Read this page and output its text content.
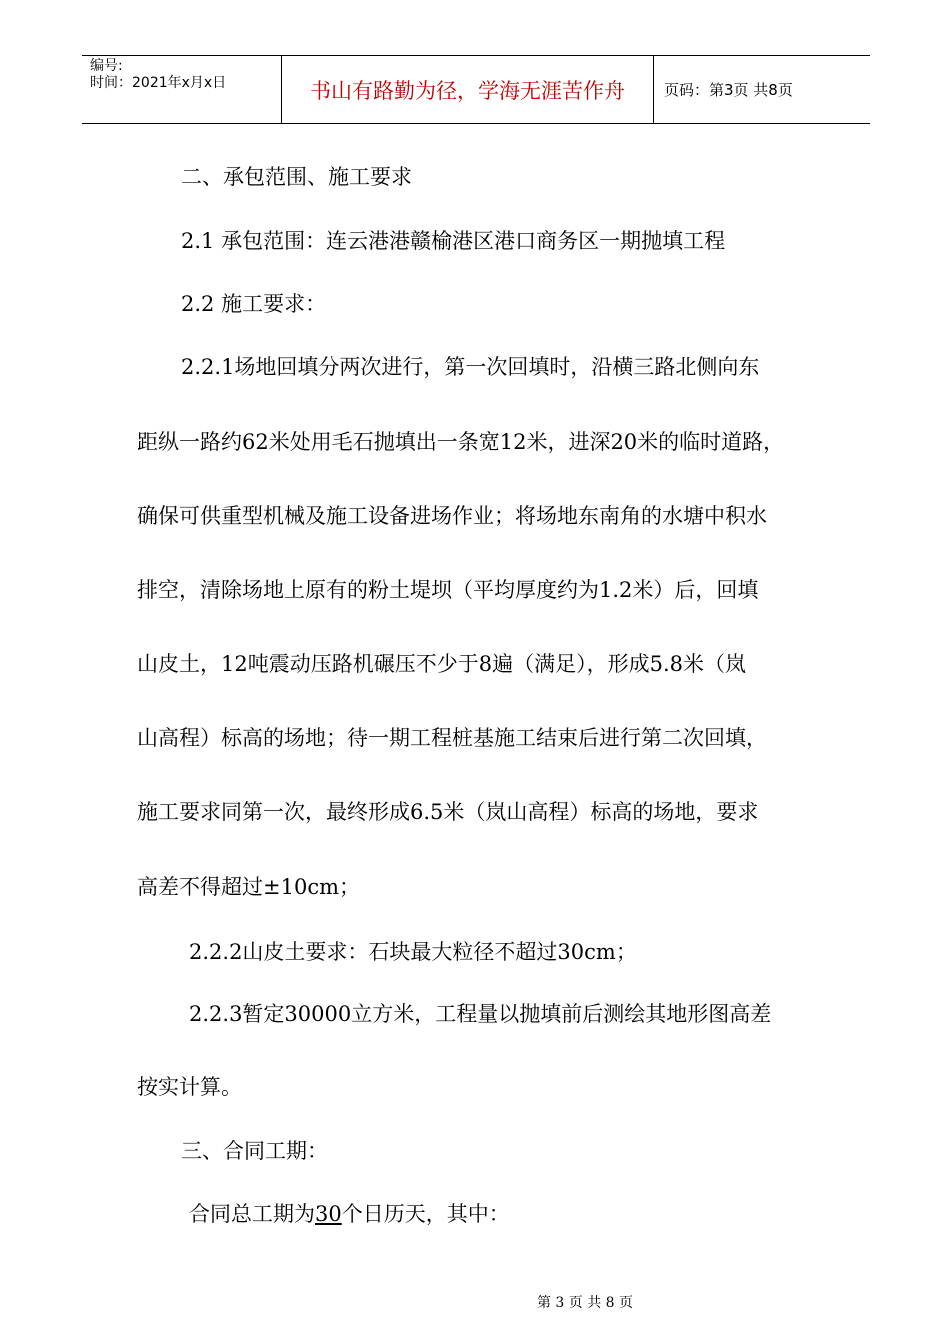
编号:
时间：2021年x月x日	书山有路勤为径，学海无涯苦作舟	页码：第3页 共8页
二、承包范围、施工要求
2.1 承包范围：连云港港赣榆港区港口商务区一期抛填工程
2.2 施工要求：
2.2.1场地回填分两次进行，第一次回填时，沿横三路北侧向东
距纵一路约62米处用毛石抛填出一条宽12米，进深20米的临时道路，
确保可供重型机械及施工设备进场作业；将场地东南角的水塘中积水
排空，清除场地上原有的粉土堤坝（平均厚度约为1.2米）后，回填
山皮土，12吨震动压路机碾压不少于8遍（满足），形成5.8米（岚
山高程）标高的场地；待一期工程桩基施工结束后进行第二次回填，
施工要求同第一次，最终形成6.5米（岚山高程）标高的场地，要求
高差不得超过±10cm；
2.2.2山皮土要求：石块最大粒径不超过30cm；
2.2.3暂定30000立方米，工程量以抛填前后测绘其地形图高差
按实计算。
三、合同工期：
合同总工期为30个日历天，其中：
第 3 页 共 8 页
